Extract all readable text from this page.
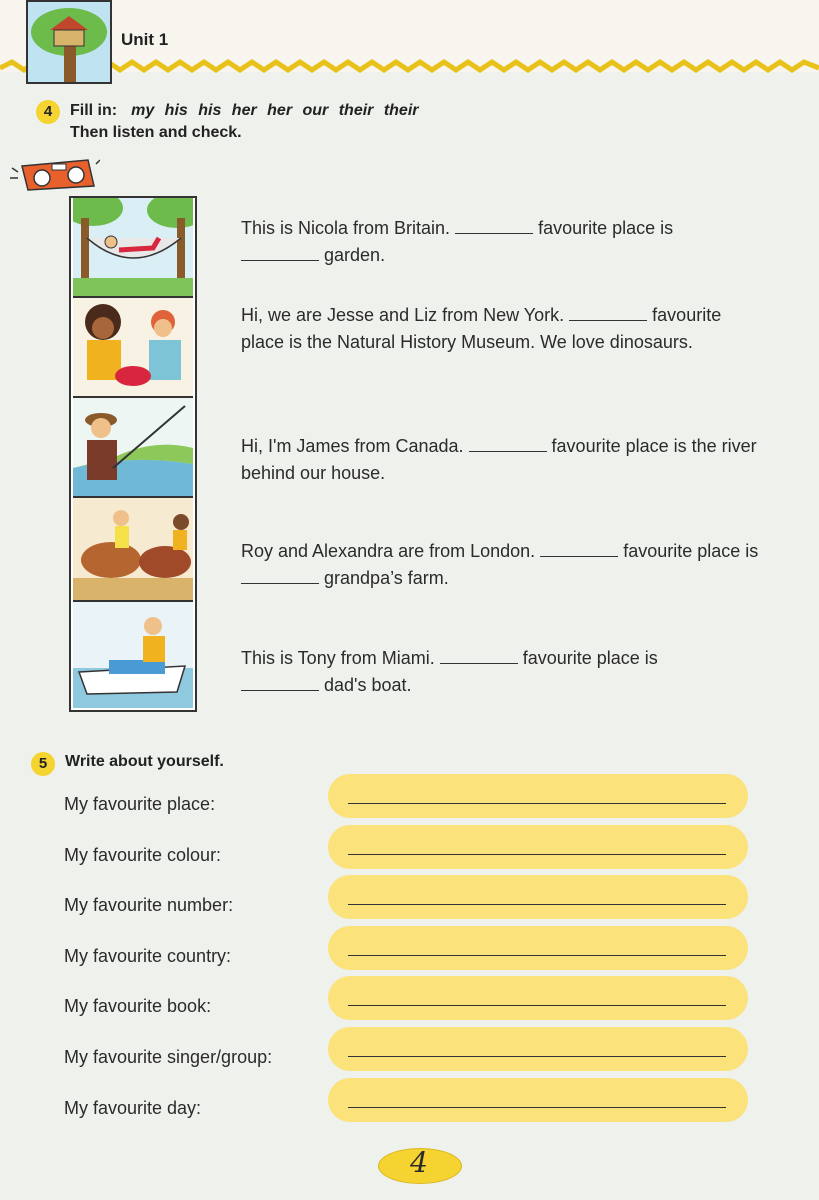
Unit 1
4	Fill in: my his his her her our their their
Then listen and check.
This is Nicola from Britain.	favourite place is
garden.
Hi, we are Jesse and Liz from New York.	favourite place is the Natural History Museum. We love dinosaurs.
Hi, I'm James from Canada.	favourite place is the river behind our house.
Roy and Alexandra are from London.	favourite place is  grandpa’s farm.
This is Tony from Miami.	favourite place is
dad's boat.
5	Write about yourself.
My favourite place:
My favourite colour:
My favourite number:
My favourite country:
My favourite book:
My favourite singer/group:
My favourite day:
4
